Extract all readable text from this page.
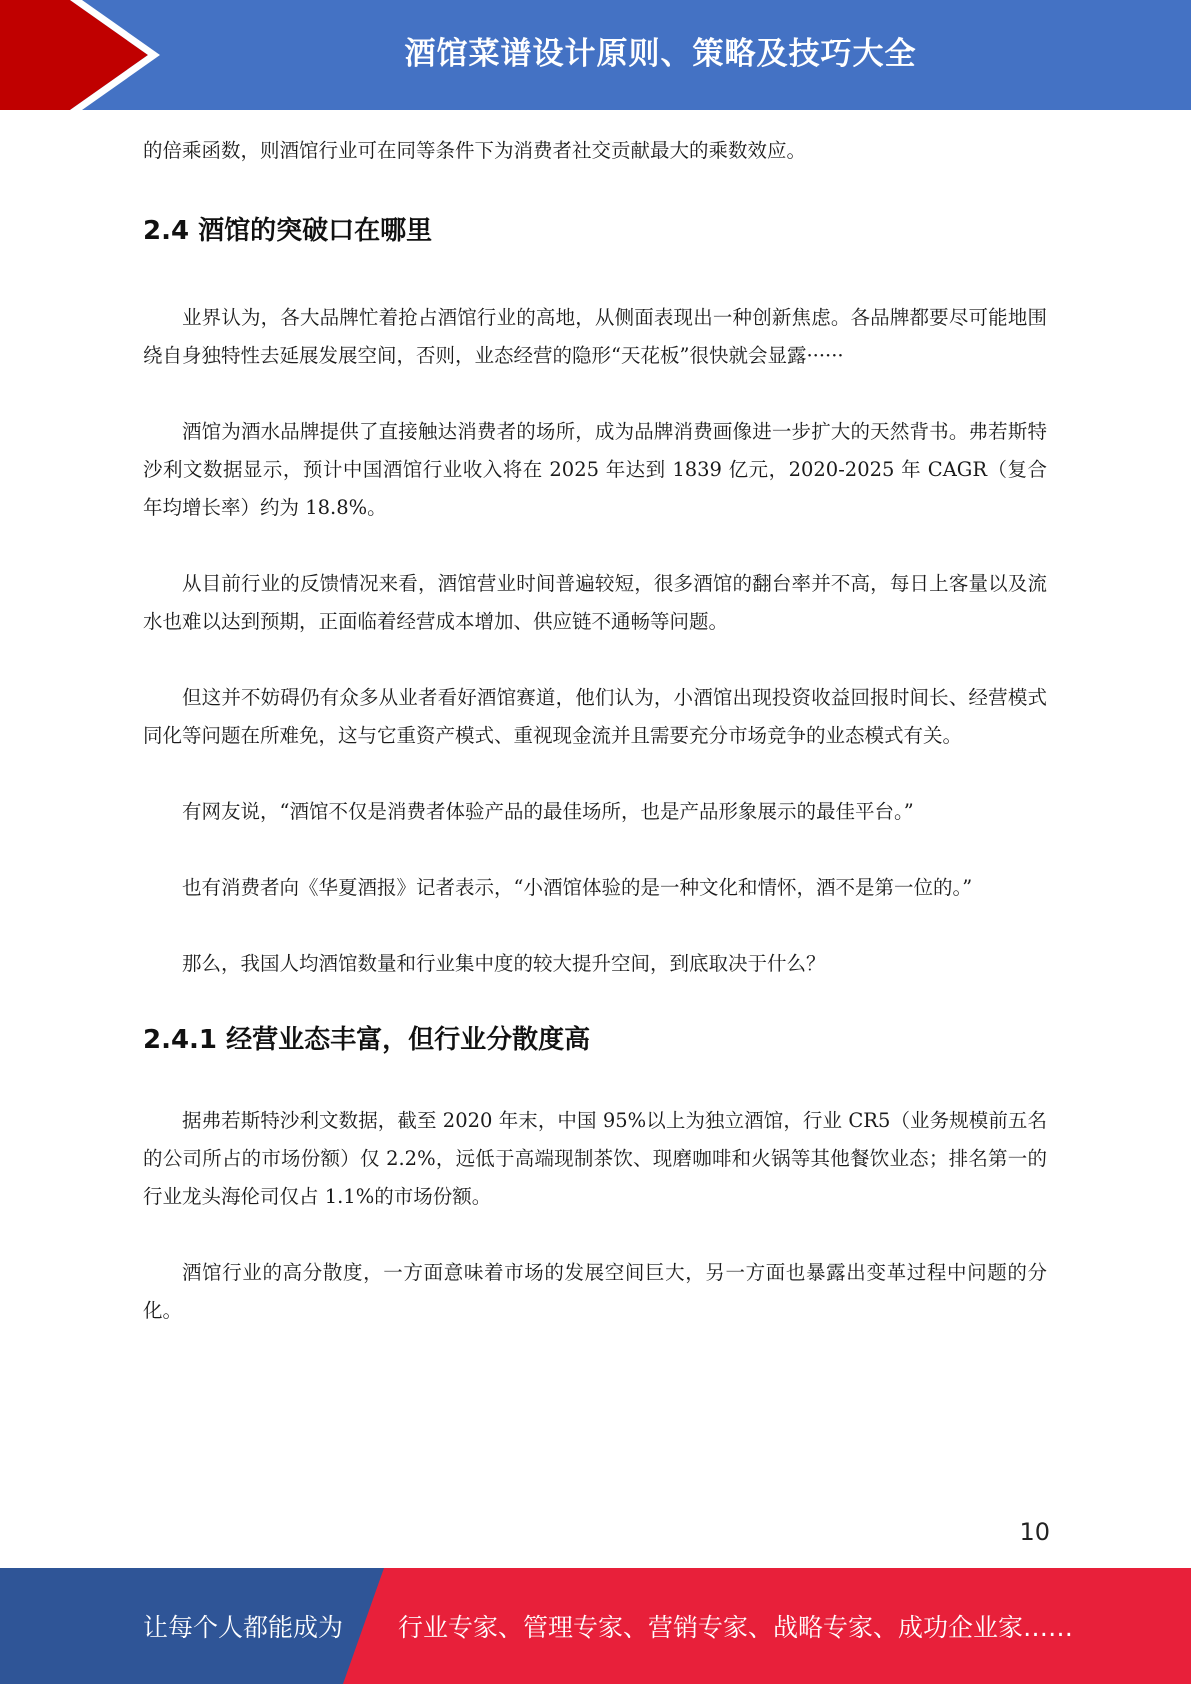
酒馆菜谱设计原则、策略及技巧大全

的倍乘函数，则酒馆行业可在同等条件下为消费者社交贡献最大的乘数效应。

2.4 酒馆的突破口在哪里

业界认为，各大品牌忙着抢占酒馆行业的高地，从侧面表现出一种创新焦虑。各品牌都要尽可能地围绕自身独特性去延展发展空间，否则，业态经营的隐形“天花板”很快就会显露······

酒馆为酒水品牌提供了直接触达消费者的场所，成为品牌消费画像进一步扩大的天然背书。弗若斯特沙利文数据显示，预计中国酒馆行业收入将在 2025 年达到 1839 亿元，2020-2025 年 CAGR（复合年均增长率）约为 18.8%。

从目前行业的反馈情况来看，酒馆营业时间普遍较短，很多酒馆的翻台率并不高，每日上客量以及流水也难以达到预期，正面临着经营成本增加、供应链不通畅等问题。

但这并不妨碍仍有众多从业者看好酒馆赛道，他们认为，小酒馆出现投资收益回报时间长、经营模式同化等问题在所难免，这与它重资产模式、重视现金流并且需要充分市场竞争的业态模式有关。

有网友说，“酒馆不仅是消费者体验产品的最佳场所，也是产品形象展示的最佳平台。”

也有消费者向《华夏酒报》记者表示，“小酒馆体验的是一种文化和情怀，酒不是第一位的。”

那么，我国人均酒馆数量和行业集中度的较大提升空间，到底取决于什么？

2.4.1 经营业态丰富，但行业分散度高

据弗若斯特沙利文数据，截至 2020 年末，中国 95%以上为独立酒馆，行业 CR5（业务规模前五名的公司所占的市场份额）仅 2.2%，远低于高端现制茶饮、现磨咖啡和火锅等其他餐饮业态；排名第一的行业龙头海伦司仅占 1.1%的市场份额。

酒馆行业的高分散度，一方面意味着市场的发展空间巨大，另一方面也暴露出变革过程中问题的分化。

10
让每个人都能成为 行业专家、管理专家、营销专家、战略专家、成功企业家……
